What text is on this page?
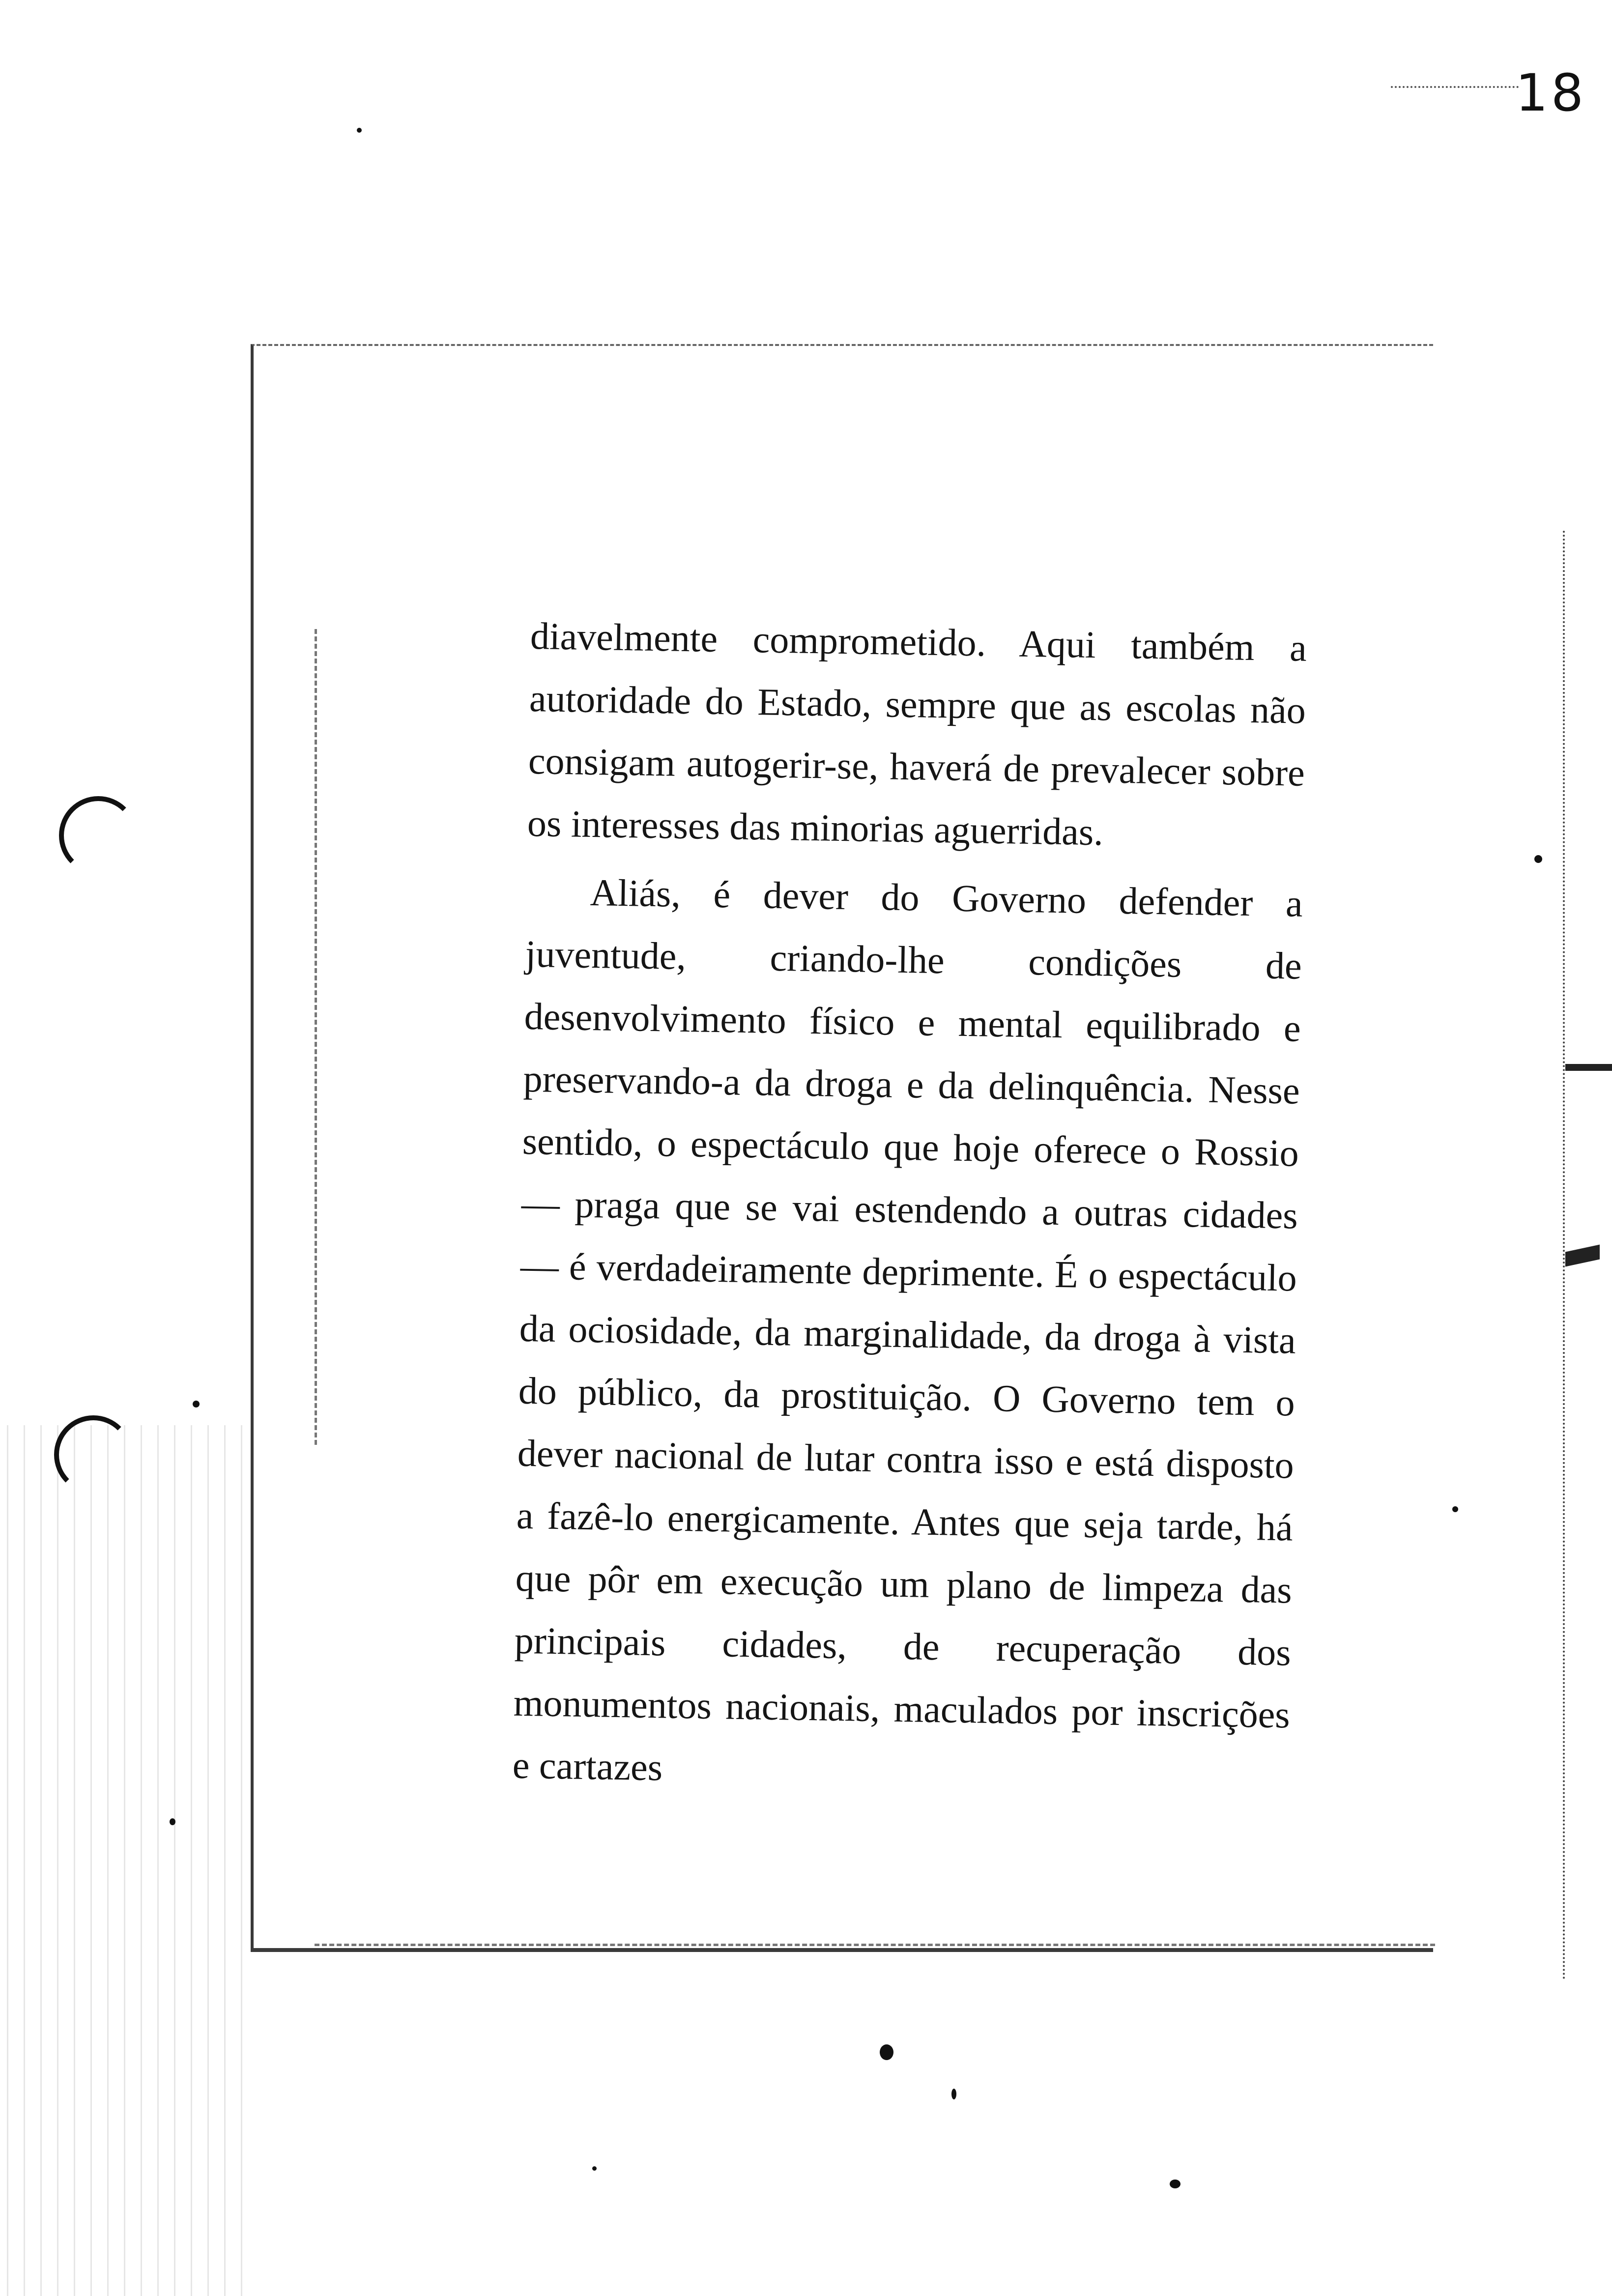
18

diavelmente comprometido. Aqui também a autoridade do Estado, sempre que as escolas não consigam autogerir-se, haverá de prevalecer sobre os interesses das minorias aguerridas.

Aliás, é dever do Governo defender a juventude, criando-lhe condições de desenvolvimento físico e mental equilibrado e preservando-a da droga e da delinquência. Nesse sentido, o espectáculo que hoje oferece o Rossio — praga que se vai estendendo a outras cidades — é verdadeiramente deprimente. É o espectáculo da ociosidade, da marginalidade, da droga à vista do público, da prostituição. O Governo tem o dever nacional de lutar contra isso e está disposto a fazê-lo energicamente. Antes que seja tarde, há que pôr em execução um plano de limpeza das principais cidades, de recuperação dos monumentos nacionais, maculados por inscrições e cartazes
